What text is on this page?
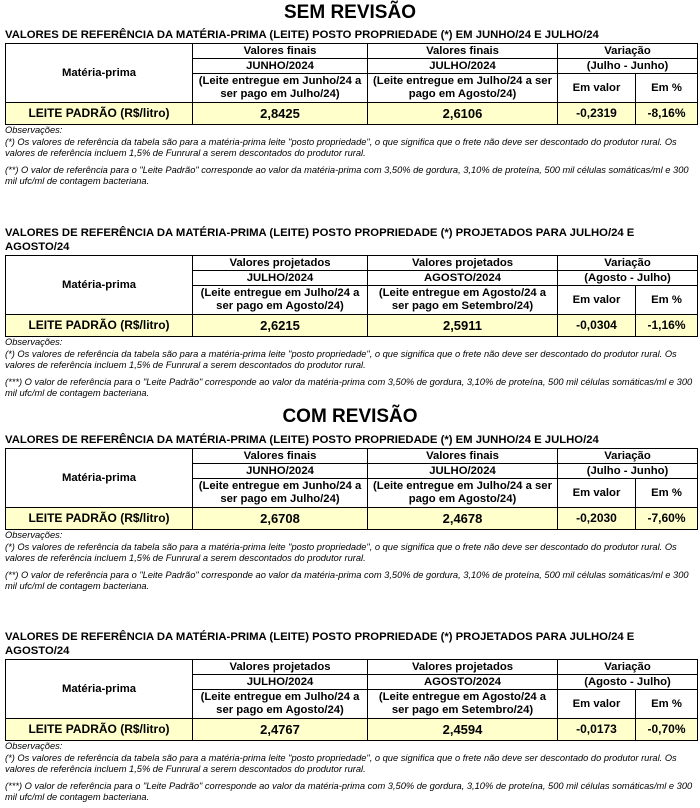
SEM REVISÃO

VALORES DE REFERÊNCIA DA MATÉRIA-PRIMA (LEITE) POSTO PROPRIEDADE (*) EM JUNHO/24 E JULHO/24

Matéria-prima	Valores finais	Valores finais	Variação	
	JUNHO/2024	JULHO/2024	(Julho - Junho)	
	(Leite entregue em Junho/24 a ser pago em Julho/24)	(Leite entregue em Julho/24 a ser pago em Agosto/24)	Em valor	Em %

LEITE PADRÃO (R$/litro)	2,8425	2,6106	-0,2319	-8,16%

Observações:

(*) Os valores de referência da tabela são para a matéria-prima leite "posto propriedade", o que significa que o frete não deve ser descontado do produtor rural. Os valores de referência incluem 1,5% de Funrural a serem descontados do produtor rural.

(**) O valor de referência para o "Leite Padrão" corresponde ao valor da matéria-prima com 3,50% de gordura, 3,10% de proteína, 500 mil células somáticas/ml e 300 mil ufc/ml de contagem bacteriana.

VALORES DE REFERÊNCIA DA MATÉRIA-PRIMA (LEITE) POSTO PROPRIEDADE (*) PROJETADOS PARA JULHO/24 E AGOSTO/24

Matéria-prima	Valores projetados	Valores projetados	Variação	
	JULHO/2024	AGOSTO/2024	(Agosto - Julho)	
	(Leite entregue em Julho/24 a ser pago em Agosto/24)	(Leite entregue em Agosto/24 a ser pago em Setembro/24)	Em valor	Em %

LEITE PADRÃO (R$/litro)	2,6215	2,5911	-0,0304	-1,16%

Observações:

(*) Os valores de referência da tabela são para a matéria-prima leite "posto propriedade", o que significa que o frete não deve ser descontado do produtor rural. Os valores de referência incluem 1,5% de Funrural a serem descontados do produtor rural.

(***) O valor de referência para o "Leite Padrão" corresponde ao valor da matéria-prima com 3,50% de gordura, 3,10% de proteína, 500 mil células somáticas/ml e 300 mil ufc/ml de contagem bacteriana.

COM REVISÃO

VALORES DE REFERÊNCIA DA MATÉRIA-PRIMA (LEITE) POSTO PROPRIEDADE (*) EM JUNHO/24 E JULHO/24

Matéria-prima	Valores finais	Valores finais	Variação	
	JUNHO/2024	JULHO/2024	(Julho - Junho)	
	(Leite entregue em Junho/24 a ser pago em Julho/24)	(Leite entregue em Julho/24 a ser pago em Agosto/24)	Em valor	Em %

LEITE PADRÃO (R$/litro)	2,6708	2,4678	-0,2030	-7,60%

Observações:

(*) Os valores de referência da tabela são para a matéria-prima leite "posto propriedade", o que significa que o frete não deve ser descontado do produtor rural. Os valores de referência incluem 1,5% de Funrural a serem descontados do produtor rural.

(**) O valor de referência para o "Leite Padrão" corresponde ao valor da matéria-prima com 3,50% de gordura, 3,10% de proteína, 500 mil células somáticas/ml e 300 mil ufc/ml de contagem bacteriana.

VALORES DE REFERÊNCIA DA MATÉRIA-PRIMA (LEITE) POSTO PROPRIEDADE (*) PROJETADOS PARA JULHO/24 E AGOSTO/24

Matéria-prima	Valores projetados	Valores projetados	Variação	
	JULHO/2024	AGOSTO/2024	(Agosto - Julho)	
	(Leite entregue em Julho/24 a ser pago em Agosto/24)	(Leite entregue em Agosto/24 a ser pago em Setembro/24)	Em valor	Em %

LEITE PADRÃO (R$/litro)	2,4767	2,4594	-0,0173	-0,70%

Observações:

(*) Os valores de referência da tabela são para a matéria-prima leite "posto propriedade", o que significa que o frete não deve ser descontado do produtor rural. Os valores de referência incluem 1,5% de Funrural a serem descontados do produtor rural.

(***) O valor de referência para o "Leite Padrão" corresponde ao valor da matéria-prima com 3,50% de gordura, 3,10% de proteína, 500 mil células somáticas/ml e 300 mil ufc/ml de contagem bacteriana.
